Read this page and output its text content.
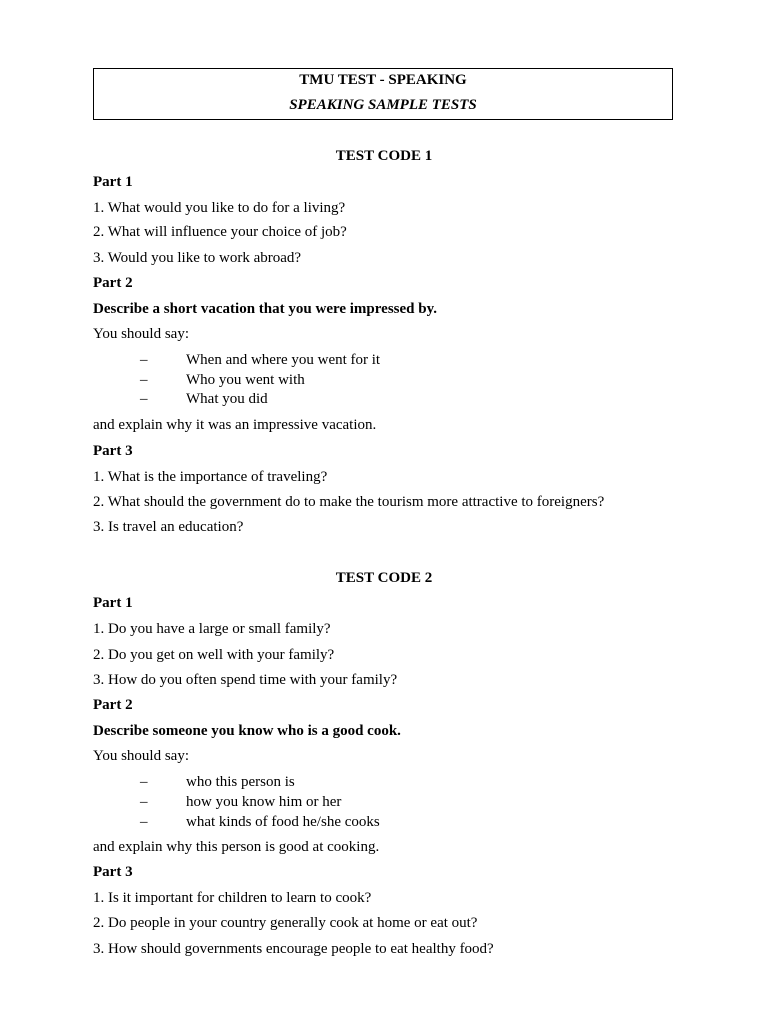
TMU TEST - SPEAKING
SPEAKING SAMPLE TESTS
TEST CODE 1
Part 1
1. What would you like to do for a living?
2. What will influence your choice of job?
3. Would you like to work abroad?
Part 2
Describe a short vacation that you were impressed by.
You should say:
–	When and where you went for it
–	Who you went with
–	What you did
and explain why it was an impressive vacation.
Part 3
1. What is the importance of traveling?
2. What should the government do to make the tourism more attractive to foreigners?
3. Is travel an education?
TEST CODE 2
Part 1
1. Do you have a large or small family?
2. Do you get on well with your family?
3. How do you often spend time with your family?
Part 2
Describe someone you know who is a good cook.
You should say:
–	who this person is
–	how you know him or her
–	what kinds of food he/she cooks
and explain why this person is good at cooking.
Part 3
1. Is it important for children to learn to cook?
2. Do people in your country generally cook at home or eat out?
3. How should governments encourage people to eat healthy food?
